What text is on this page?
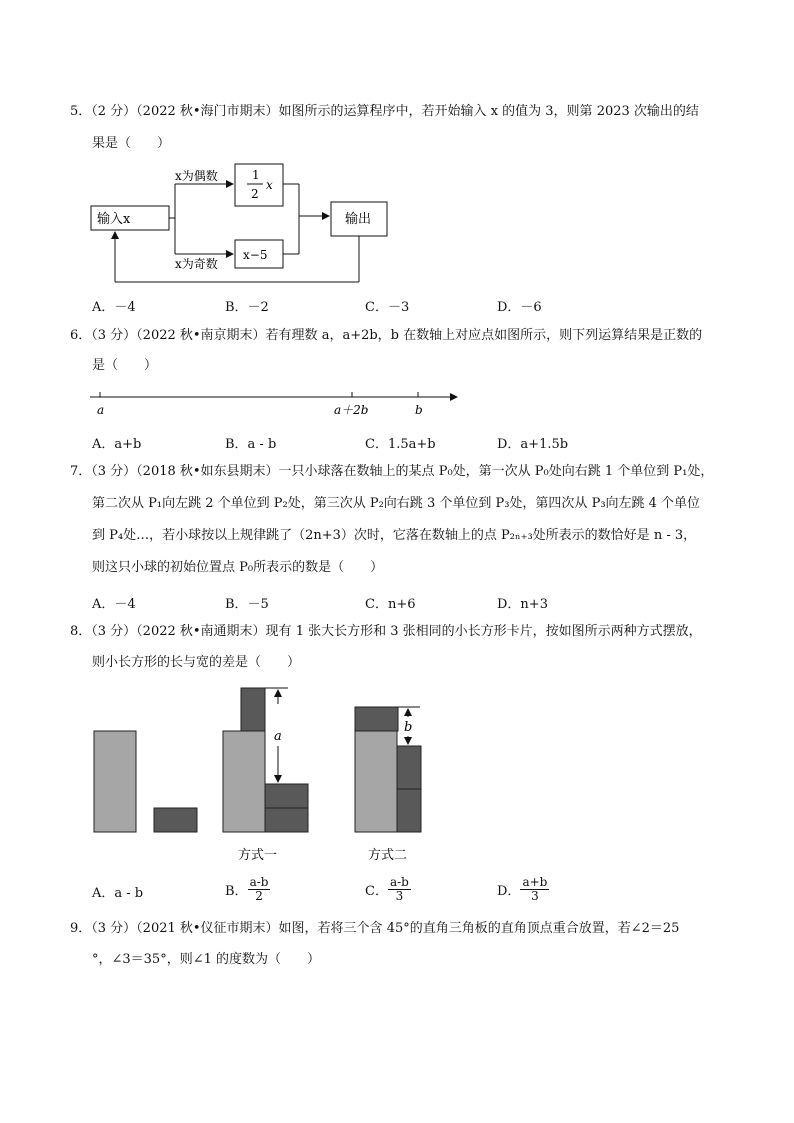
5．（2 分）（2022 秋•海门市期末）如图所示的运算程序中，若开始输入 x 的值为 3，则第 2023 次输出的结
果是（　　）
输入x
x为偶数
x为奇数
1
2
x
x−5
输出
A．－4	B．－2	C．－3	D．－6
6．（3 分）（2022 秋•南京期末）若有理数 a，a+2b，b 在数轴上对应点如图所示，则下列运算结果是正数的
是（　　）
a	a＋2b	b
A．a+b	B．a - b	C．1.5a+b	D．a+1.5b
7．（3 分）（2018 秋•如东县期末）一只小球落在数轴上的某点 P₀处，第一次从 P₀处向右跳 1 个单位到 P₁处，
第二次从 P₁向左跳 2 个单位到 P₂处，第三次从 P₂向右跳 3 个单位到 P₃处，第四次从 P₃向左跳 4 个单位
到 P₄处…，若小球按以上规律跳了（2n+3）次时，它落在数轴上的点 P₂ₙ₊₃处所表示的数恰好是 n - 3，
则这只小球的初始位置点 P₀所表示的数是（　　）
A．－4	B．－5	C．n+6	D．n+3
8．（3 分）（2022 秋•南通期末）现有 1 张大长方形和 3 张相同的小长方形卡片，按如图所示两种方式摆放，
则小长方形的长与宽的差是（　　）
a
方式一
b
方式二
A．a - b	B． $\frac{a-b}{2}$	C． $\frac{a-b}{3}$	D． $\frac{a+b}{3}$
9．（3 分）（2021 秋•仪征市期末）如图，若将三个含 45°的直角三角板的直角顶点重合放置，若∠2＝25
°，∠3＝35°，则∠1 的度数为（　　）
